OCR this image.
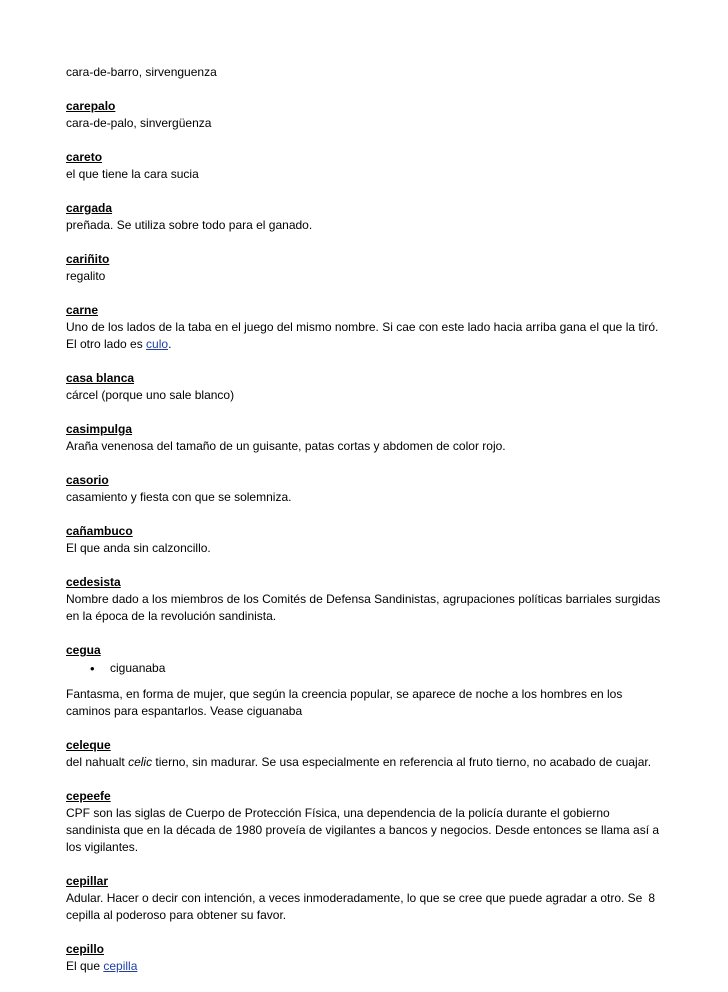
cara-de-barro, sirvenguenza
carepalo
cara-de-palo, sinvergüenza
careto
el que tiene la cara sucia
cargada
preñada. Se utiliza sobre todo para el ganado.
cariñito
regalito
carne
Uno de los lados de la taba en el juego del mismo nombre. Si cae con este lado hacia arriba gana el que la tiró.
El otro lado es culo.
casa blanca
cárcel (porque uno sale blanco)
casimpulga
Araña venenosa del tamaño de un guisante, patas cortas y abdomen de color rojo.
casorio
casamiento y fiesta con que se solemniza.
cañambuco
El que anda sin calzoncillo.
cedesista
Nombre dado a los miembros de los Comités de Defensa Sandinistas, agrupaciones políticas barriales surgidas en la época de la revolución sandinista.
cegua
•	ciguanaba
Fantasma, en forma de mujer, que según la creencia popular, se aparece de noche a los hombres en los caminos para espantarlos. Vease ciguanaba
celeque
del nahualt celic tierno, sin madurar. Se usa especialmente en referencia al fruto tierno, no acabado de cuajar.
cepeefe
CPF son las siglas de Cuerpo de Protección Física, una dependencia de la policía durante el gobierno sandinista que en la década de 1980 proveía de vigilantes a bancos y negocios. Desde entonces se llama así a los vigilantes.
cepillar
Adular. Hacer o decir con intención, a veces inmoderadamente, lo que se cree que puede agradar a otro. Se cepilla al poderoso para obtener su favor.
cepillo
El que cepilla
8
